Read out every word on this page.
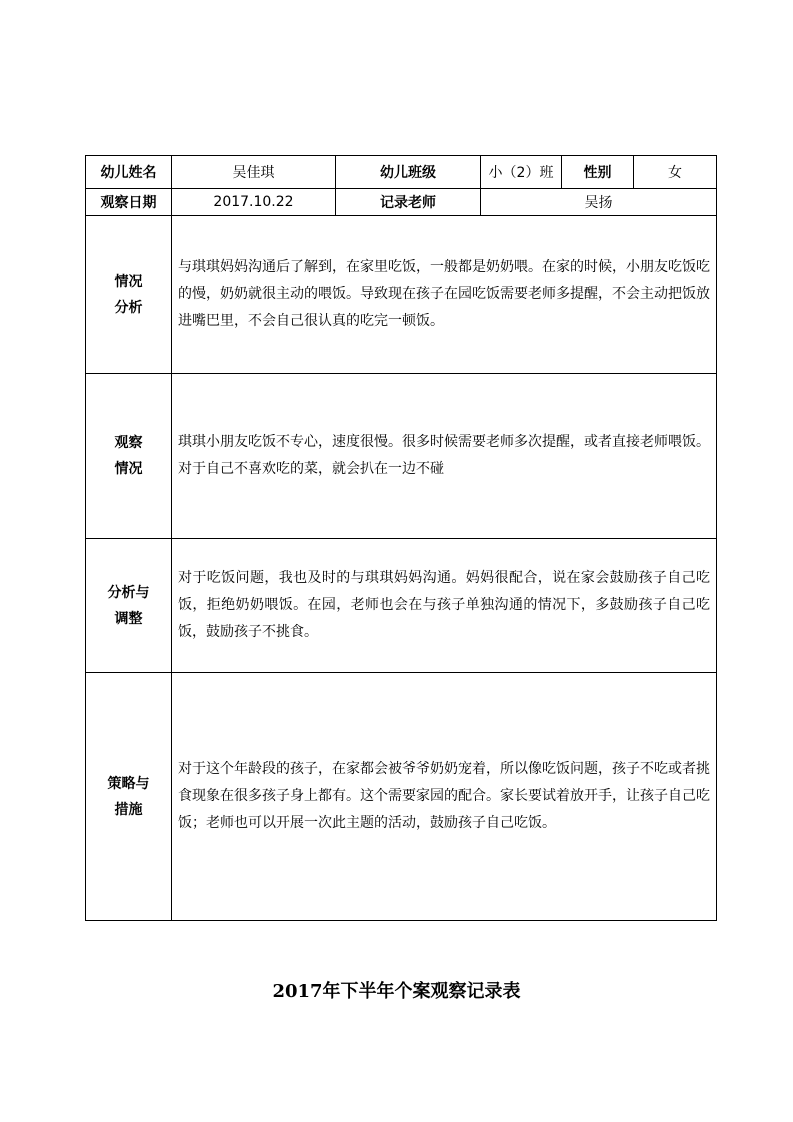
幼儿姓名	吴佳琪	幼儿班级	小（2）班	性别	女
观察日期	2017.10.22	记录老师	吴扬		

情况
分析	与琪琪妈妈沟通后了解到，在家里吃饭，一般都是奶奶喂。在家的时候，小朋友吃饭吃的慢，奶奶就很主动的喂饭。导致现在孩子在园吃饭需要老师多提醒，不会主动把饭放进嘴巴里，不会自己很认真的吃完一顿饭。				

观察
情况	琪琪小朋友吃饭不专心，速度很慢。很多时候需要老师多次提醒，或者直接老师喂饭。对于自己不喜欢吃的菜，就会扒在一边不碰				

分析与
调整	对于吃饭问题，我也及时的与琪琪妈妈沟通。妈妈很配合，说在家会鼓励孩子自己吃饭，拒绝奶奶喂饭。在园，老师也会在与孩子单独沟通的情况下，多鼓励孩子自己吃饭，鼓励孩子不挑食。				

策略与
措施	对于这个年龄段的孩子，在家都会被爷爷奶奶宠着，所以像吃饭问题，孩子不吃或者挑食现象在很多孩子身上都有。这个需要家园的配合。家长要试着放开手，让孩子自己吃饭；老师也可以开展一次此主题的活动，鼓励孩子自己吃饭。				
2017年下半年个案观察记录表
